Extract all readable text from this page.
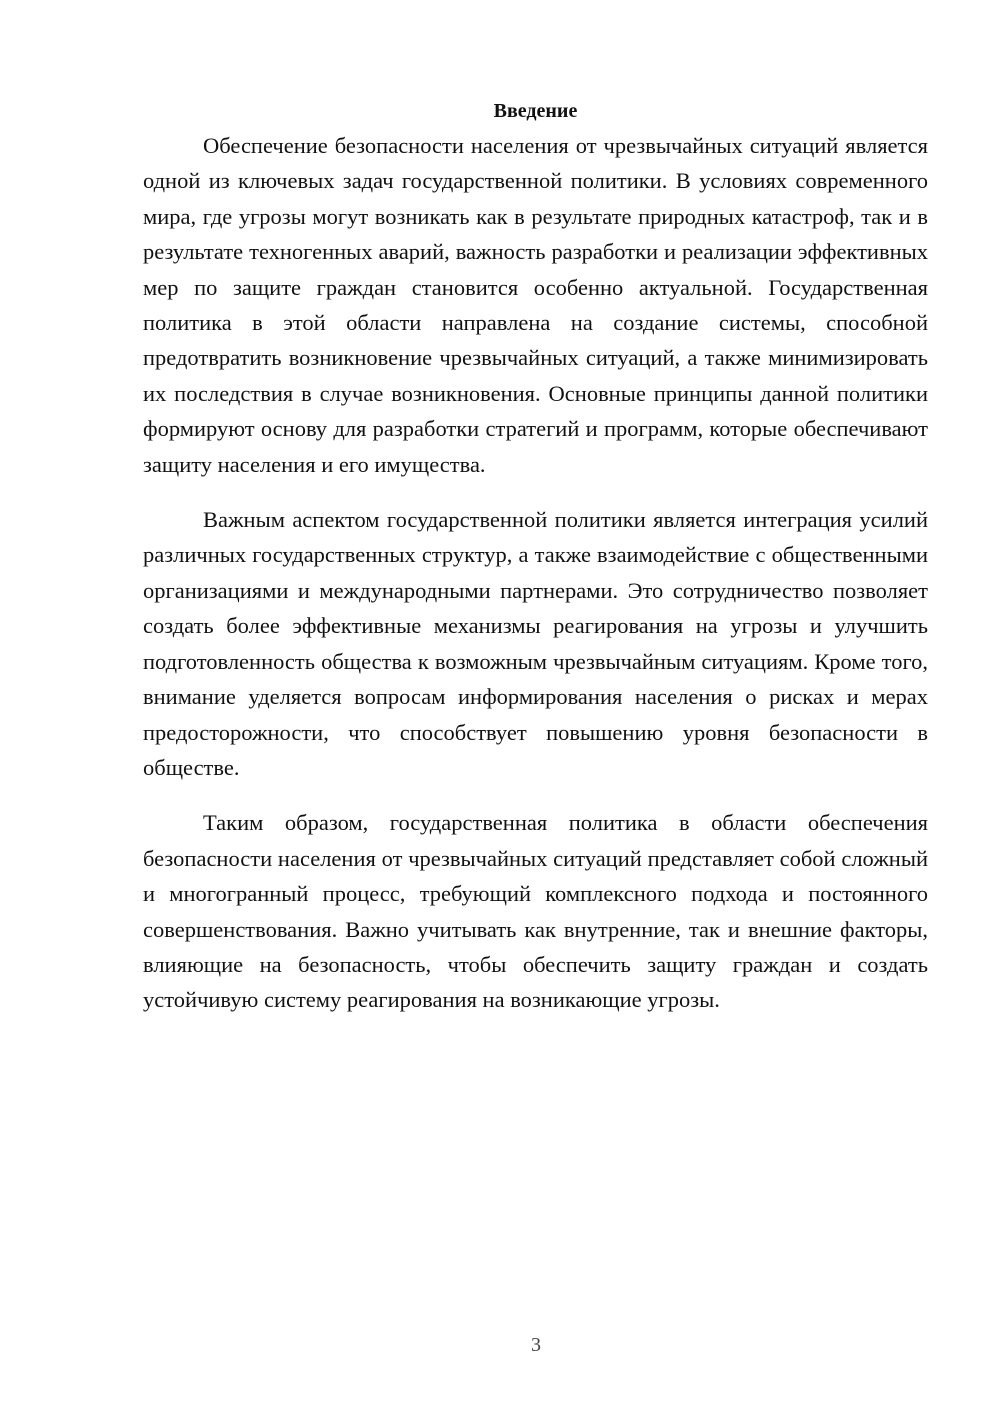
Введение

Обеспечение безопасности населения от чрезвычайных ситуаций является одной из ключевых задач государственной политики. В условиях современного мира, где угрозы могут возникать как в результате природных катастроф, так и в результате техногенных аварий, важность разработки и реализации эффективных мер по защите граждан становится особенно актуальной. Государственная политика в этой области направлена на создание системы, способной предотвратить возникновение чрезвычайных ситуаций, а также минимизировать их последствия в случае возникновения. Основные принципы данной политики формируют основу для разработки стратегий и программ, которые обеспечивают защиту населения и его имущества.

Важным аспектом государственной политики является интеграция усилий различных государственных структур, а также взаимодействие с общественными организациями и международными партнерами. Это сотрудничество позволяет создать более эффективные механизмы реагирования на угрозы и улучшить подготовленность общества к возможным чрезвычайным ситуациям. Кроме того, внимание уделяется вопросам информирования населения о рисках и мерах предосторожности, что способствует повышению уровня безопасности в обществе.

Таким образом, государственная политика в области обеспечения безопасности населения от чрезвычайных ситуаций представляет собой сложный и многогранный процесс, требующий комплексного подхода и постоянного совершенствования. Важно учитывать как внутренние, так и внешние факторы, влияющие на безопасность, чтобы обеспечить защиту граждан и создать устойчивую систему реагирования на возникающие угрозы.

3
